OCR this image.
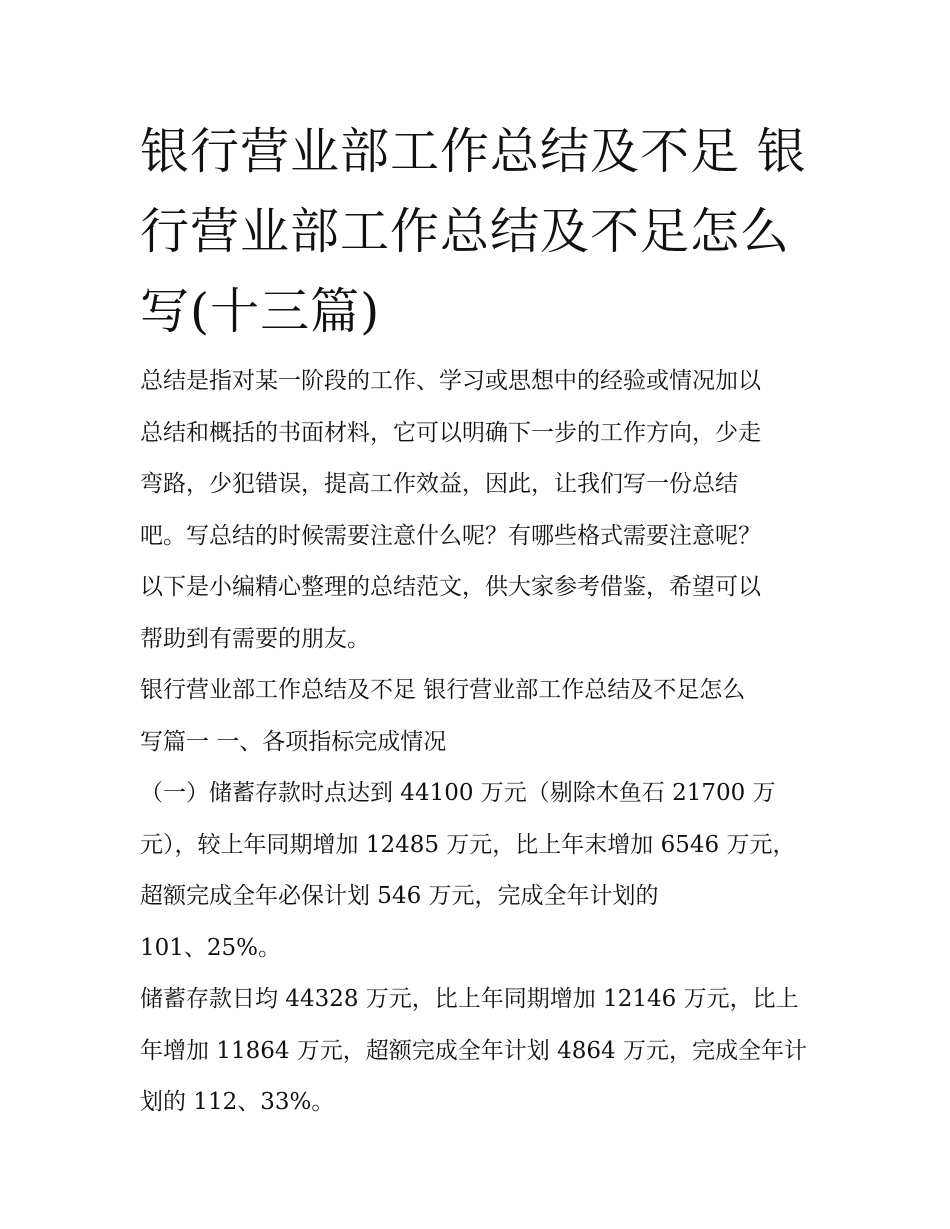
银行营业部工作总结及不足 银
行营业部工作总结及不足怎么
写(十三篇)
总结是指对某一阶段的工作、学习或思想中的经验或情况加以
总结和概括的书面材料，它可以明确下一步的工作方向，少走
弯路，少犯错误，提高工作效益，因此，让我们写一份总结
吧。写总结的时候需要注意什么呢？有哪些格式需要注意呢？
以下是小编精心整理的总结范文，供大家参考借鉴，希望可以
帮助到有需要的朋友。
银行营业部工作总结及不足 银行营业部工作总结及不足怎么
写篇一 一、各项指标完成情况
（一）储蓄存款时点达到 44100 万元（剔除木鱼石 21700 万
元），较上年同期增加 12485 万元，比上年末增加 6546 万元，
超额完成全年必保计划 546 万元，完成全年计划的
101、25%。
储蓄存款日均 44328 万元，比上年同期增加 12146 万元，比上
年增加 11864 万元，超额完成全年计划 4864 万元，完成全年计
划的 112、33%。
